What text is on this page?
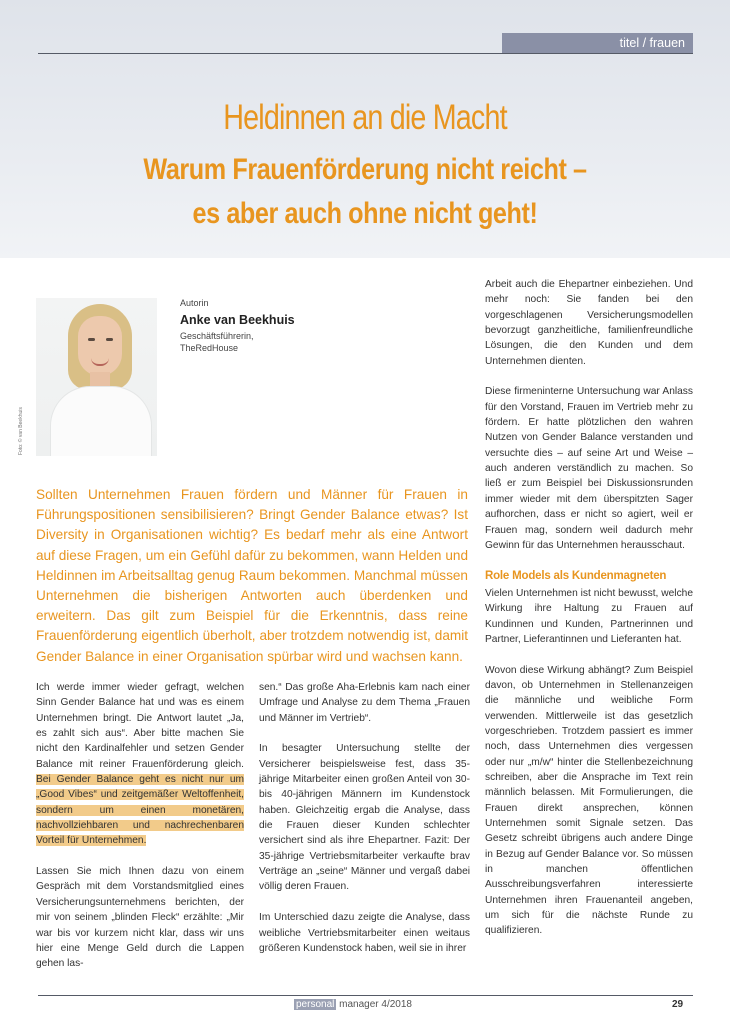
titel / frauen
Heldinnen an die Macht
Warum Frauenförderung nicht reicht –
es aber auch ohne nicht geht!
Foto: © van Beekhuis
Autorin
Anke van Beekhuis
Geschäftsführerin,
TheRedHouse

Sollten Unternehmen Frauen fördern und Männer für Frauen in Führungspositionen sensibilisieren? Bringt Gender Balance etwas? Ist Diversity in Organisationen wichtig? Es bedarf mehr als eine Antwort auf diese Fragen, um ein Gefühl dafür zu bekommen, wann Helden und Heldinnen im Arbeitsalltag genug Raum bekommen. Manchmal müssen Unternehmen die bisherigen Antworten auch überdenken und erweitern. Das gilt zum Beispiel für die Erkenntnis, dass reine Frauenförderung eigentlich überholt, aber trotzdem notwendig ist, damit Gender Balance in einer Organisation spürbar wird und wachsen kann.

Ich werde immer wieder gefragt, welchen Sinn Gender Balance hat und was es einem Unternehmen bringt. Die Antwort lautet „Ja, es zahlt sich aus“. Aber bitte machen Sie nicht den Kardinalfehler und setzen Gender Balance mit reiner Frauenförderung gleich. Bei Gender Balance geht es nicht nur um „Good Vibes“ und zeitgemäßer Weltoffenheit, sondern um einen monetären, nachvollziehbaren und nachrechenbaren Vorteil für Unternehmen.

Lassen Sie mich Ihnen dazu von einem Gespräch mit dem Vorstandsmitglied eines Versicherungsunternehmens berichten, der mir von seinem „blinden Fleck“ erzählte: „Mir war bis vor kurzem nicht klar, dass wir uns hier eine Menge Geld durch die Lappen gehen las-

sen.“ Das große Aha-Erlebnis kam nach einer Umfrage und Analyse zu dem Thema „Frauen und Männer im Vertrieb“.

In besagter Untersuchung stellte der Versicherer beispielsweise fest, dass 35-jährige Mitarbeiter einen großen Anteil von 30- bis 40-jährigen Männern im Kundenstock haben. Gleichzeitig ergab die Analyse, dass die Frauen dieser Kunden schlechter versichert sind als ihre Ehepartner. Fazit: Der 35-jährige Vertriebsmitarbeiter verkaufte brav Verträge an „seine“ Männer und vergaß dabei völlig deren Frauen.

Im Unterschied dazu zeigte die Analyse, dass weibliche Vertriebsmitarbeiter einen weitaus größeren Kundenstock haben, weil sie in ihrer

Arbeit auch die Ehepartner einbeziehen. Und mehr noch: Sie fanden bei den vorgeschlagenen Versicherungsmodellen bevorzugt ganzheitliche, familienfreundliche Lösungen, die den Kunden und dem Unternehmen dienten.

Diese firmeninterne Untersuchung war Anlass für den Vorstand, Frauen im Vertrieb mehr zu fördern. Er hatte plötzlichen den wahren Nutzen von Gender Balance verstanden und versuchte dies – auf seine Art und Weise – auch anderen verständlich zu machen. So ließ er zum Beispiel bei Diskussionsrunden immer wieder mit dem überspitzten Sager aufhorchen, dass er nicht so agiert, weil er Frauen mag, sondern weil dadurch mehr Gewinn für das Unternehmen herausschaut.

Role Models als Kundenmagneten

Vielen Unternehmen ist nicht bewusst, welche Wirkung ihre Haltung zu Frauen auf Kundinnen und Kunden, Partnerinnen und Partner, Lieferantinnen und Lieferanten hat.

Wovon diese Wirkung abhängt? Zum Beispiel davon, ob Unternehmen in Stellenanzeigen die männliche und weibliche Form verwenden. Mittlerweile ist das gesetzlich vorgeschrieben. Trotzdem passiert es immer noch, dass Unternehmen dies vergessen oder nur „m/w“ hinter die Stellenbezeichnung schreiben, aber die Ansprache im Text rein männlich belassen. Mit Formulierungen, die Frauen direkt ansprechen, können Unternehmen somit Signale setzen. Das Gesetz schreibt übrigens auch andere Dinge in Bezug auf Gender Balance vor. So müssen in manchen öffentlichen Ausschreibungsverfahren interessierte Unternehmen ihren Frauenanteil angeben, um sich für die nächste Runde zu qualifizieren.

personal manager 4/2018	29
